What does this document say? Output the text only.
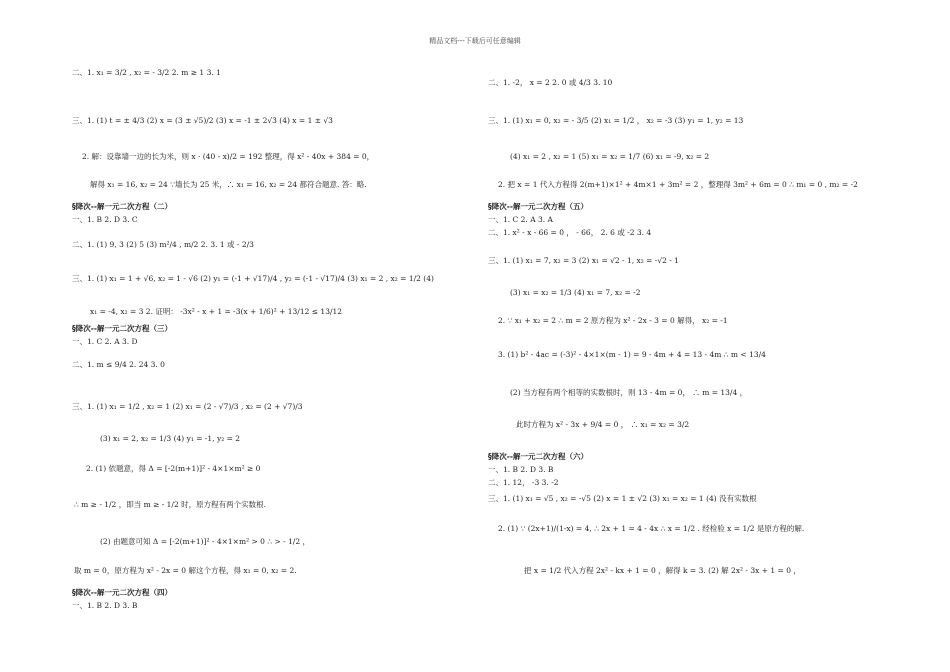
精品文档---下载后可任意编辑
二、1. x₁ = 3/2 , x₂ = - 3/2 2. m ≥ 1 3. 1
三、1. (1) t = ± 4/3 (2) x = (3 ± √5)/2 (3) x = -1 ± 2√3 (4) x = 1 ± √3
2. 解：设靠墙一边的长为米，则 x · (40 - x)/2 = 192 整理，得 x² - 40x + 384 = 0，
解得 x₁ = 16, x₂ = 24 ∵墙长为 25 米，∴ x₁ = 16, x₂ = 24 都符合题意. 答：略.
§降次--解一元二次方程（二）
一、1. B 2. D 3. C
二、1. (1) 9, 3 (2) 5 (3) m²/4 , m/2 2. 3. 1 或 - 2/3
三、1. (1) x₁ = 1 + √6, x₂ = 1 - √6 (2) y₁ = (-1 + √17)/4 , y₂ = (-1 - √17)/4 (3) x₁ = 2 , x₂ = 1/2 (4)
x₁ = -4, x₂ = 3 2. 证明： -3x² - x + 1 = -3(x + 1/6)² + 13/12 ≤ 13/12
§降次--解一元二次方程（三）
一、1. C 2. A 3. D
二、1. m ≤ 9/4 2. 24 3. 0
三、1. (1) x₁ = 1/2 , x₂ = 1 (2) x₁ = (2 - √7)/3 , x₂ = (2 + √7)/3
(3) x₁ = 2, x₂ = 1/3 (4) y₁ = -1, y₂ = 2
2. (1) 依题意，得 Δ = [-2(m+1)]² - 4×1×m² ≥ 0
∴ m ≥ - 1/2 ，即当 m ≥ - 1/2 时，原方程有两个实数根.
(2) 由题意可知 Δ = [-2(m+1)]² - 4×1×m² > 0 ∴ > - 1/2 ，
取 m = 0，原方程为 x² - 2x = 0 解这个方程，得 x₁ = 0, x₂ = 2.
§降次--解一元二次方程（四）
一、1. B 2. D 3. B
二、1. -2， x = 2 2. 0 或 4/3 3. 10
三、1. (1) x₁ = 0, x₂ = - 3/5 (2) x₁ = 1/2 ， x₂ = -3 (3) y₁ = 1, y₂ = 13
(4) x₁ = 2 , x₂ = 1 (5) x₁ = x₂ = 1/7 (6) x₁ = -9, x₂ = 2
2. 把 x = 1 代入方程得 2(m+1)×1² + 4m×1 + 3m² = 2 ，整理得 3m² + 6m = 0 ∴ m₁ = 0 , m₂ = -2
§降次--解一元二次方程（五）
一、1. C 2. A 3. A
二、1. x² - x - 66 = 0 ， - 66， 2. 6 或 -2 3. 4
三、1. (1) x₁ = 7, x₂ = 3 (2) x₁ = √2 - 1, x₂ = -√2 - 1
(3) x₁ = x₂ = 1/3 (4) x₁ = 7, x₂ = -2
2. ∵ x₁ + x₂ = 2 ∴ m = 2 原方程为 x² - 2x - 3 = 0 解得， x₂ = -1
3. (1) b² - 4ac = (-3)² - 4×1×(m - 1) = 9 - 4m + 4 = 13 - 4m ∴ m < 13/4
(2) 当方程有两个相等的实数根时，则 13 - 4m = 0， ∴ m = 13/4 ，
此时方程为 x² - 3x + 9/4 = 0 ， ∴ x₁ = x₂ = 3/2
§降次--解一元二次方程（六）
一、1. B 2. D 3. B
二、1. 12， -3 3. -2
三、1. (1) x₁ = √5 , x₂ = -√5 (2) x = 1 ± √2 (3) x₁ = x₂ = 1 (4) 没有实数根
2. (1) ∵ (2x+1)/(1-x) = 4, ∴ 2x + 1 = 4 - 4x ∴ x = 1/2 . 经检验 x = 1/2 是原方程的解.
把 x = 1/2 代入方程 2x² - kx + 1 = 0 ，解得 k = 3. (2) 解 2x² - 3x + 1 = 0 ，
